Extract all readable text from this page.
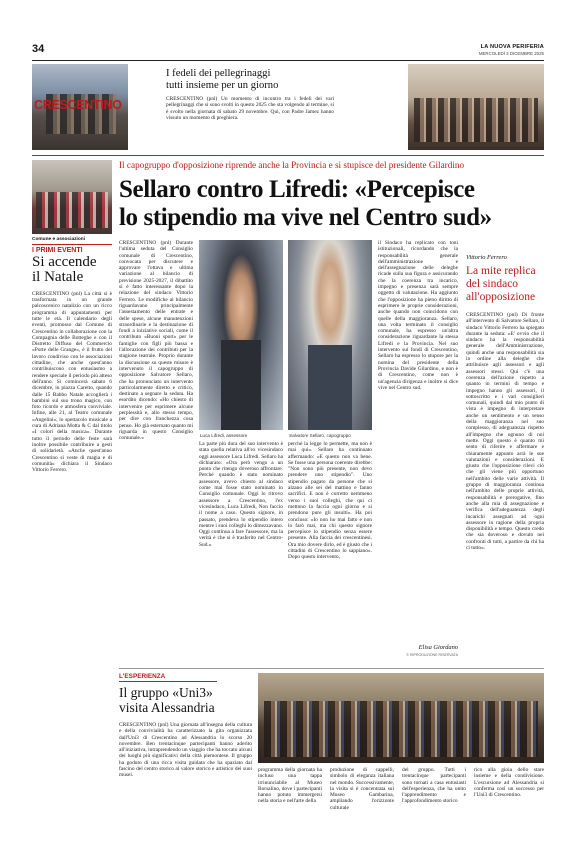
34	LA NUOVA PERIFERIA
MERCOLEDÌ 3 DICEMBRE 2025
CRESCENTINO
I fedeli dei pellegrinaggi
tutti insieme per un giorno
CRESCENTINO (pnl) Un momento di incontro tra i fedeli dei vari pellegrinaggi che si sono svolti in questo 2025 che sta volgendo al termine, si è svolto nella giornata di sabato 29 novembre. Qui, con Padre Jamez hanno vissuto un momento di preghiera.
Comune e associazioni
I PRIMI EVENTI
Si accende
il Natale
CRESCENTINO (pnl) La città si è trasformata in un grande palcoscenico natalizio con un ricco programma di appuntamenti per tutte le età. Il calendario degli eventi, promosso dal Comune di Crescentino in collaborazione con la Compagnia delle Botteghe e con il Distretto Diffuso del Commercio «Porte delle Grange», è il frutto del lavoro condiviso con le associazioni cittadine, che anche quest'anno contribuiscono con entusiasmo a rendere speciale il periodo più atteso dell'anno. Si comincerà sabato 6 dicembre, in piazza Caretto, quando dalle 15 Babbo Natale accoglierà i bambini sul suo trono magico, con foto ricordo e atmosfera conviviale. Infine, alle 21, al Teatro comunale «Angelini», lo spettacolo musicale a cura di Adriana Motta & C dal titolo «I colori della musica». Durante tutto il periodo delle feste sarà inoltre possibile contribuire a gesti di solidarietà. «Anche quest'anno Crescentino si veste di magia e di comunità» dichiara il Sindaco Vittorio Ferrero.
Il capogruppo d'opposizione riprende anche la Provincia e si stupisce del presidente Gilardino
Sellaro contro Lifredi: «Percepisce
lo stipendio ma vive nel Centro sud»
CRESCENTINO (pnl) Durante l'ultima seduta del Consiglio comunale di Crescentino, convocata per discutere e approvare l'ottava e ultima variazione al bilancio di previsione 2025-2027, il dibattito si è fatto interessante dopo la relazione del sindaco Vittorio Ferrero. Le modifiche al bilancio riguardavano principalmente l'assestamento delle entrate e delle spese, alcune manutenzioni straordinarie e la destinazione di fondi a iniziative sociali, come il contributo «Buoni sport» per le famiglie con figli più bassa e l'allocazione dei contributi per la stagione teatrale. Proprio durante la discussione su queste misure è intervenuto il capogruppo di opposizione Salvatore Sellaro, che ha pronunciato un intervento particolarmente diretto e critico, destinato a segnare la seduta. Ha esordito dicendo: «Ho chiesto di intervenire per esprimere alcune perplessità e, allo stesso tempo, per dire con franchezza cosa penso. Ho già esternato quanto mi riguarda in questo Consiglio comunale.»	Luca Lifredi, assessore	Salvatore Sellaro, capogruppo
La parte più dura del suo intervento è stata quella relativa all'ex vicesindaco oggi assessore Luca Lifredi. Sellaro ha dichiarato: «Ora però vengo a un punto che ritengo doveroso affrontare. Perché quando è stato nominato assessore, avevo chiesto al sindaco come mai fosse stato nominato in Consiglio comunale. Oggi lo ritrovo assessore a Crescentino, l'ex vicesindaco, Luca Lifredi, Non faccio il nome a caso. Questo signore, in passato, prendeva lo stipendio intero mentre i suoi colleghi lo dimezzavano. Oggi continua a fare l'assessore, ma la verità è che si è trasferito nel Centro-Sud.»
perché la legge lo permette, ma non è mai qui». Sellaro ha continuato affermando: «E questo non va bene. Se fosse una persona coerente direbbe: "Non sono più presente, non devo prendere uno stipendio". Uno stipendio pagato da persone che si alzano alle sei del mattino e fanno sacrifici. E non è corretto nemmeno verso i suoi colleghi, che qui ci mettono la faccia ogni giorno e si prendono pure gli insulti». Ha poi concluso: «Io non ho mai fatto e non lo farò mai, ma chi questo signore percepisce lo stipendio senza essere presente. Alla faccia dei crescentinesi. Ora mio dovere dirlo, ed è giusto che i cittadini di Crescentino lo sappiano». Dopo questo intervento,
il Sindaco ha replicato con toni istituzionali, ricordando che la responsabilità generale dell'amministrazione e dell'assegnazione delle deleghe ricade sulla sua figura e assicurando che la coerenza tra incarico, impegno e presenza sarà sempre oggetto di valutazione. Ha aggiunto che l'opposizione ha pieno diritto di esprimere le proprie considerazioni, anche quando non coincidono con quelle della maggioranza. Sellaro, una volta terminato il consiglio comunale, ha espresso un'altra considerazione riguardante la stessa Lifredi e la Provincia. Nel suo intervento sui fondi di Crescentino, Sellaro ha espresso lo stupore per la nomina del presidente della Provincia Davide Gilardino, e non è di Crescentino, come non è un'agenzia dirigenza e inoltre si dice vive nel Centro sud.
Elisa Giordano
© RIPRODUZIONE RISERVATA
Vittorio Ferrero
La mite replica
del sindaco
all'opposizione
CRESCENTINO (pnl) Di fronte all'intervento di Salvatore Sellaro, il sindaco Vittorio Ferrero ha spiegato durante la seduta: «E' ovvio che il sindaco ha la responsabilità generale dell'Amministrazione, quindi anche una responsabilità sia in ordine alla deleghe che attribuisce agli assessori e agli assessori stessi. Qui c'è una coerenza dell'azione rispetto a quanto in termini di tempo e impegno hanno gli assessori, il sottoscritto e i vari consiglieri comunali, quindi dal mio punto di vista è impegno di interpretare anche un sentimento e un senso della maggioranza nel suo complesso, di adeguatezza rispetto all'impegno che ognuno di noi mette. Oggi questo è quanto mi sento di riferire e affermare e chiaramente appunto arrà le sue valutazioni e considerazioni. E giusto che l'opposizione rilevi ciò che gli viene più opportuno nell'ambito delle varie attività. Il gruppo di maggioranza continua nell'ambito delle proprie attività, responsabilità e prerogative, fino anche alla mia di assegnazione e verifica dell'adeguatezza degli incarichi assegnati ad ogni assessore in ragione della propria disponibilità e tempo. Questo credo che sia doveroso e dovuto nei confronti di tutti, a partire da chi ha ci tutto».
L'ESPERIENZA
Il gruppo «Uni3»
visita Alessandria
CRESCENTINO (pnl) Una giornata all'insegna della cultura e della convivialità ha caratterizzato la gita organizzata dall'Uni3 di Crescentino ad Alessandria lo scorso 20 novembre. Ben trentacinque partecipanti hanno aderito all'iniziativa, intraprendendo un viaggio che ha toccato alcuni dei luoghi più significativi della città piemontese. Il gruppo ha goduto di una ricca visita guidata che ha spaziato dal fascino del centro storico al valore storico e artistico dei suoi musei.
programma della giornata ha incluso una tappa irrinunciabile al Museo Borsalino, dove i partecipanti hanno potuto immergersi nella storia e nell'arte della
produzione di cappelli, simbolo di eleganza italiana nel mondo. Successivamente, la visita si è concentrata sul Museo Gambarina, ampliando l'orizzonte culturale
del gruppo. Tutti i trentacinque partecipanti sono tornati a casa entusiasti dell'esperienza, che ha unito l'apprendimento e l'approfondimento storico
rico alla gioia dello stare insieme e della condivisione. L'escursione ad Alessandria si conferma così un successo per l'Uni3 di Crescentino.
